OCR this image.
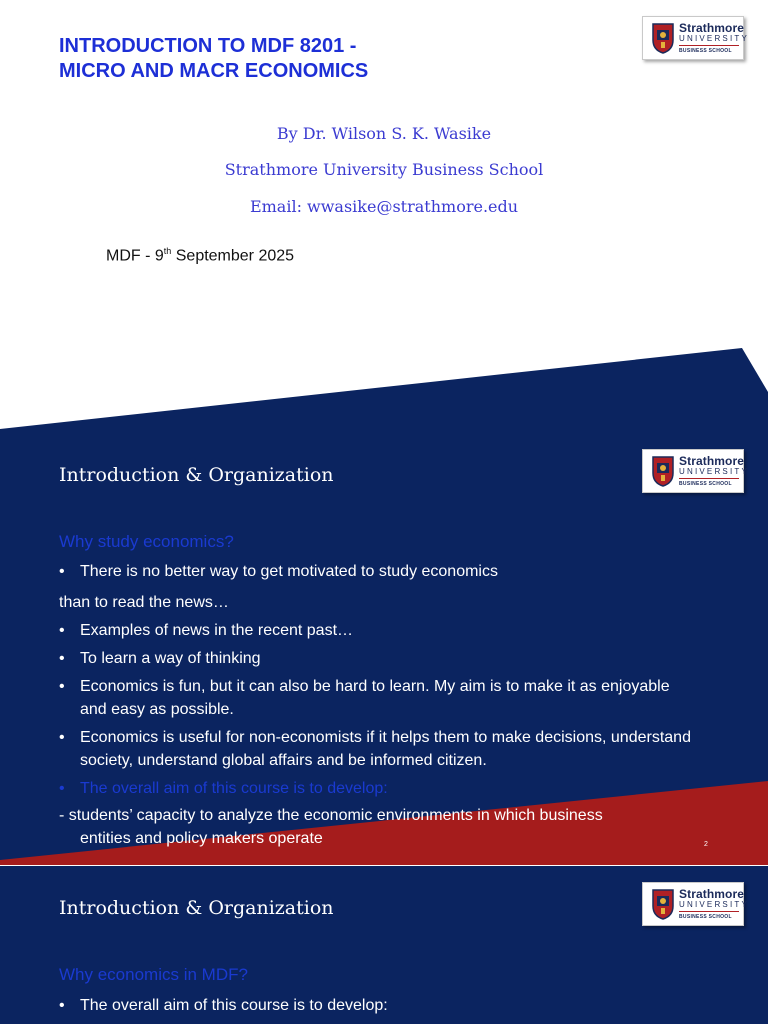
Strathmore
UNIVERSITY
BUSINESS SCHOOL
INTRODUCTION TO MDF 8201 -
MICRO AND MACR ECONOMICS
By Dr. Wilson S. K. Wasike
Strathmore University Business School
Email: wwasike@strathmore.edu
MDF - 9th September 2025
Strathmore
UNIVERSITY
BUSINESS SCHOOL
Introduction & Organization
Why study economics?
• There is no better way to get motivated to study economics
than to read the news…
• Examples of news in the recent past…
• To learn a way of thinking
• Economics is fun, but it can also be hard to learn. My aim is to make it as enjoyable and easy as possible.
• Economics is useful for non-economists if it helps them to make decisions, understand society, understand global affairs and be informed citizen.
• The overall aim of this course is to develop:
- students’ capacity to analyze the economic environments in which business
entities and policy makers operate	2
Strathmore
UNIVERSITY
BUSINESS SCHOOL
Introduction & Organization
Why economics in MDF?
• The overall aim of this course is to develop:
